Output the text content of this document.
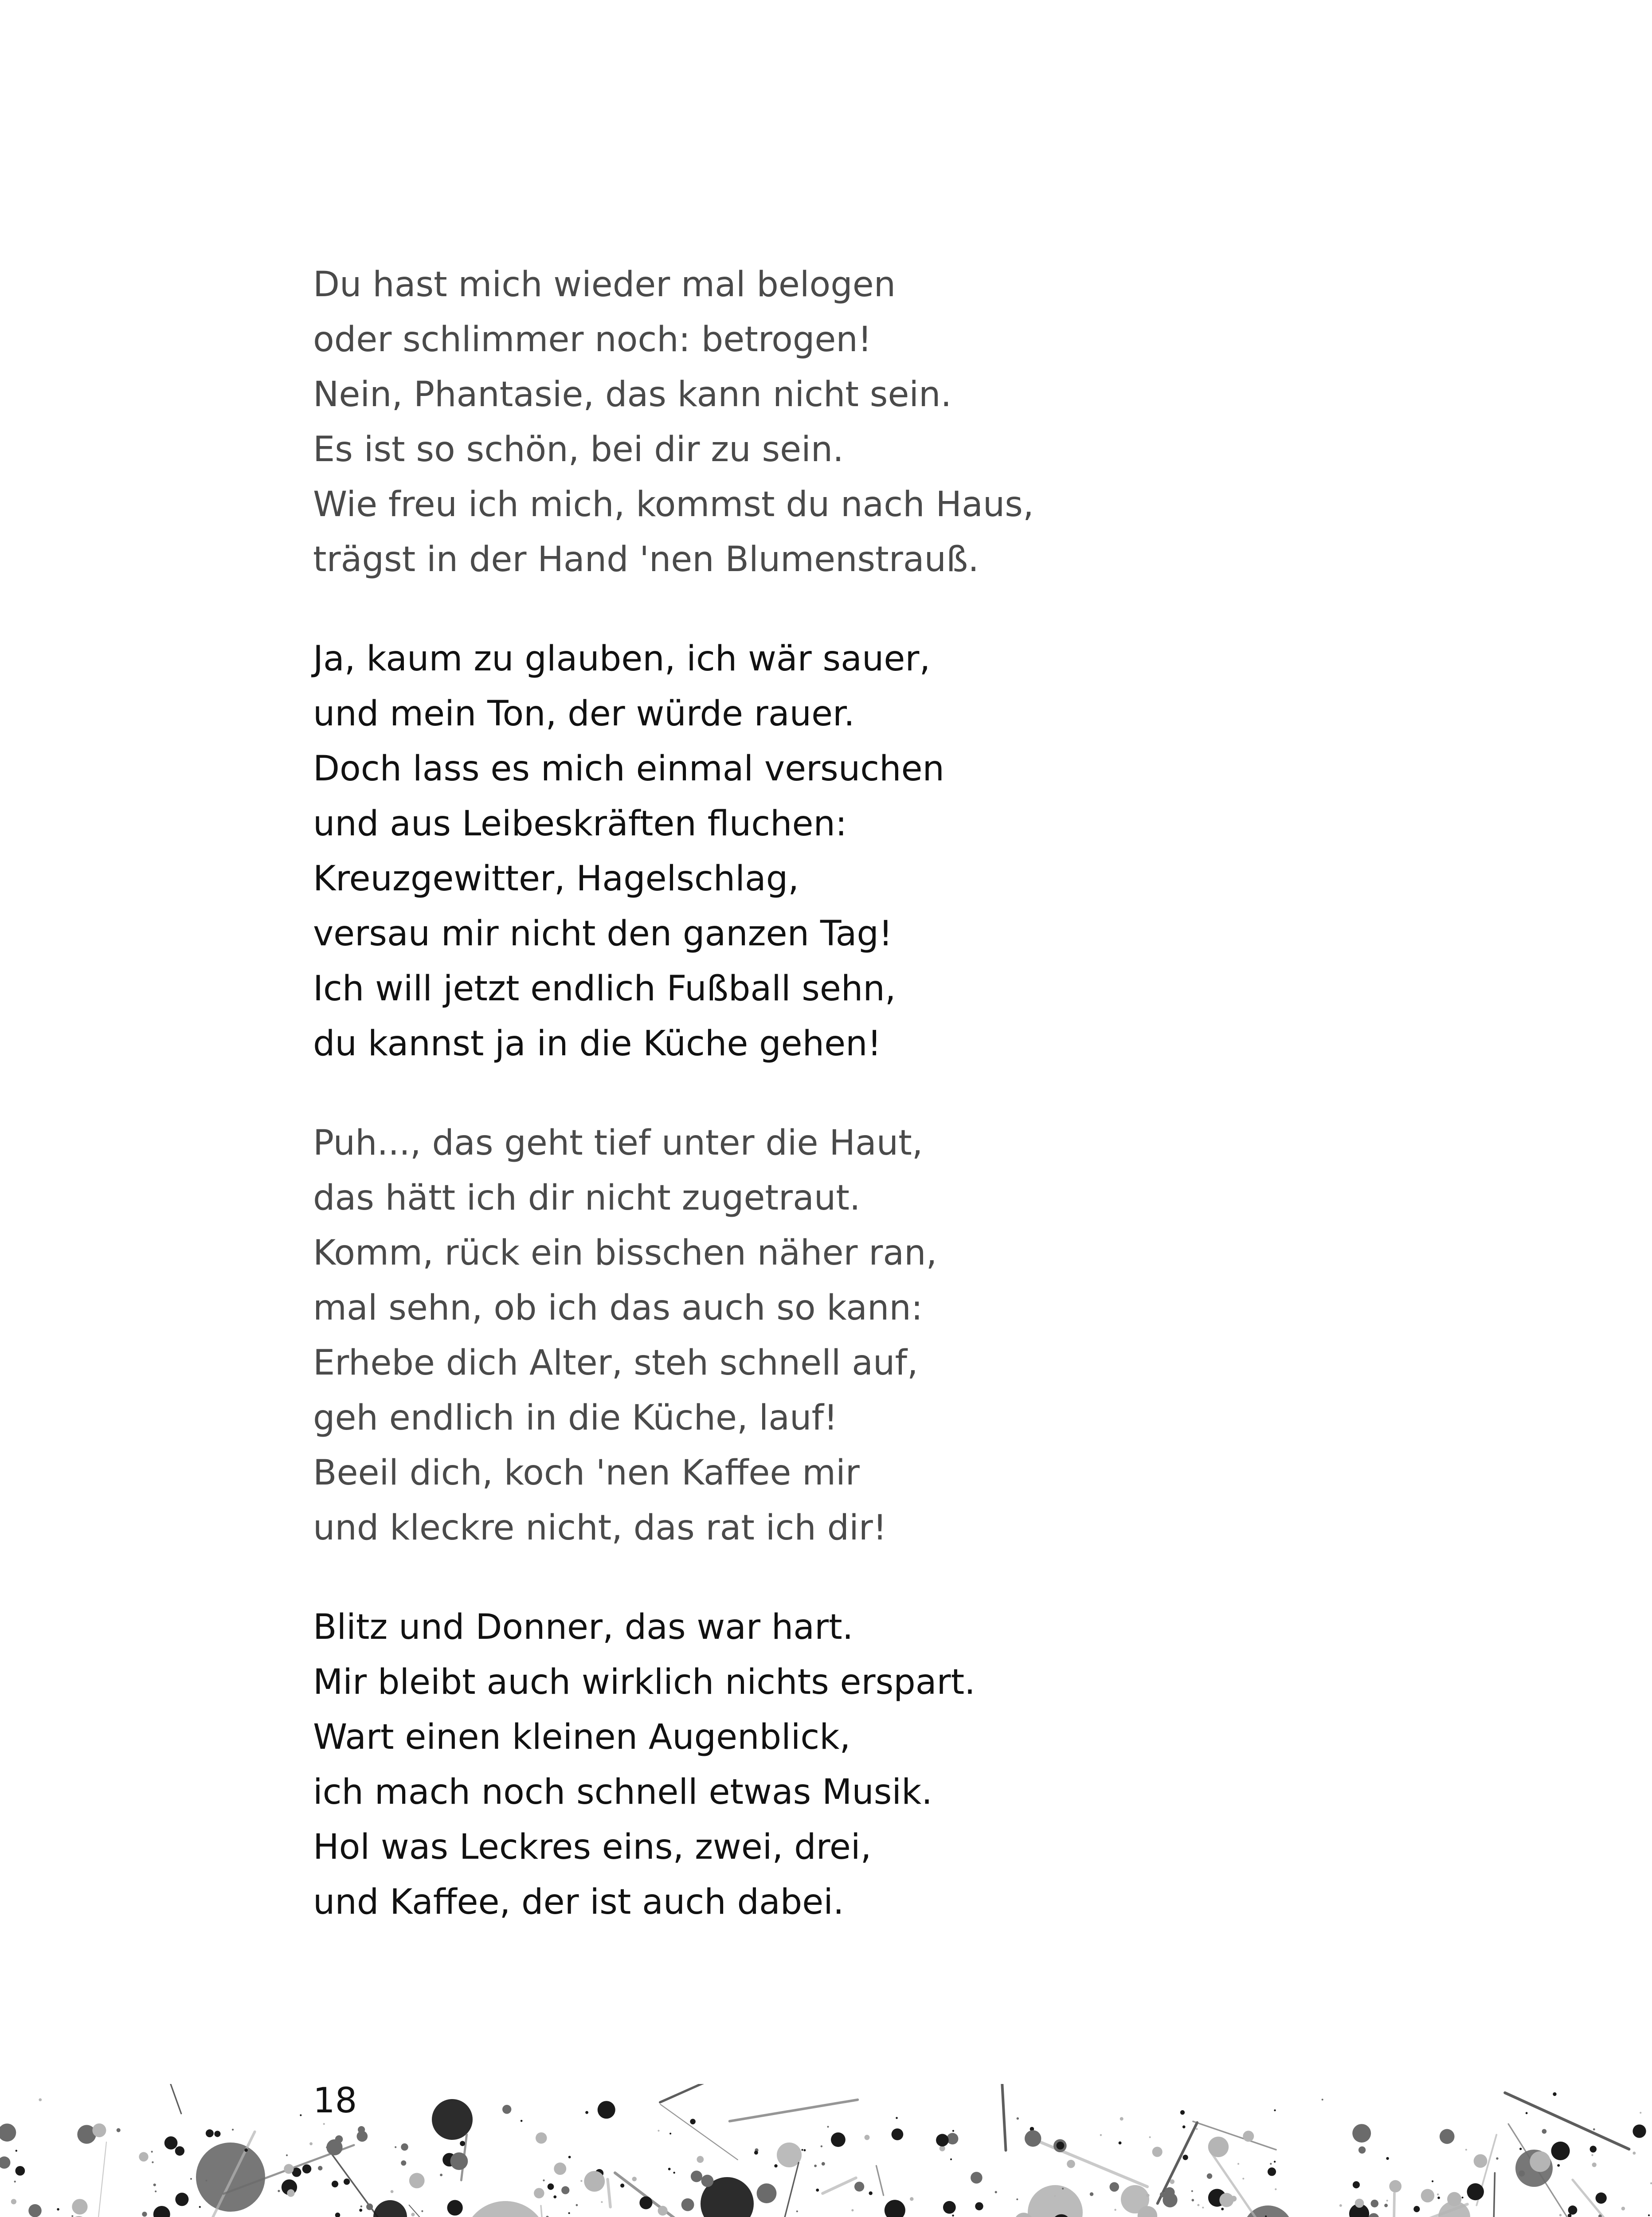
Du hast mich wieder mal belogen
oder schlimmer noch: betrogen!
Nein, Phantasie, das kann nicht sein.
Es ist so schön, bei dir zu sein.
Wie freu ich mich, kommst du nach Haus,
trägst in der Hand 'nen Blumenstrauß.
Ja, kaum zu glauben, ich wär sauer,
und mein Ton, der würde rauer.
Doch lass es mich einmal versuchen
und aus Leibeskräften fluchen:
Kreuzgewitter, Hagelschlag,
versau mir nicht den ganzen Tag!
Ich will jetzt endlich Fußball sehn,
du kannst ja in die Küche gehen!
Puh..., das geht tief unter die Haut,
das hätt ich dir nicht zugetraut.
Komm, rück ein bisschen näher ran,
mal sehn, ob ich das auch so kann:
Erhebe dich Alter, steh schnell auf,
geh endlich in die Küche, lauf!
Beeil dich, koch 'nen Kaffee mir
und kleckre nicht, das rat ich dir!
Blitz und Donner, das war hart.
Mir bleibt auch wirklich nichts erspart.
Wart einen kleinen Augenblick,
ich mach noch schnell etwas Musik.
Hol was Leckres eins, zwei, drei,
und Kaffee, der ist auch dabei.
18
